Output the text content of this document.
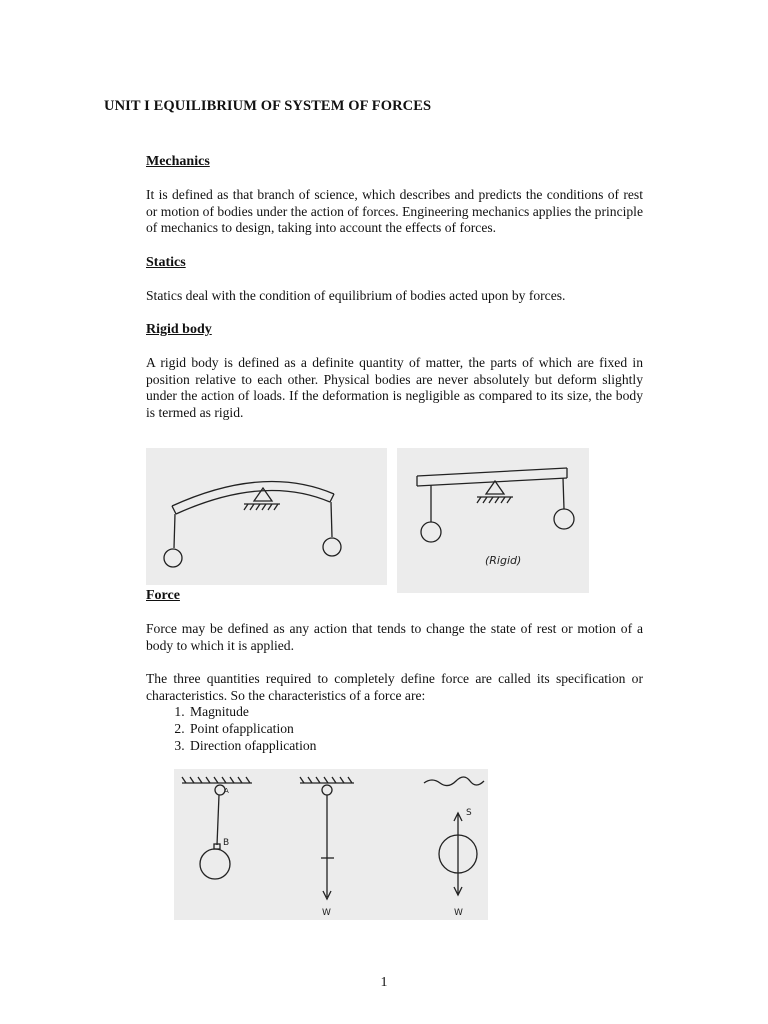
UNIT I EQUILIBRIUM OF SYSTEM OF FORCES
Mechanics

It is defined as that branch of science, which describes and predicts the conditions of rest or motion of bodies under the action of forces. Engineering mechanics applies the principle of mechanics to design, taking into account the effects of forces.

Statics

Statics deal with the condition of equilibrium of bodies acted upon by forces.

Rigid body

A rigid body is defined as a definite quantity of matter, the parts of which are fixed in position relative to each other. Physical bodies are never absolutely but deform slightly under the action of loads. If the deformation is negligible as compared to its size, the body is termed as rigid.

(Rigid)
Force

Force may be defined as any action that tends to change the state of rest or motion of a body to which it is applied.

The three quantities required to completely define force are called its specification or characteristics. So the characteristics of a force are:

1. Magnitude
2. Point ofapplication
3. Direction ofapplication
A
B
W
S
W
1
